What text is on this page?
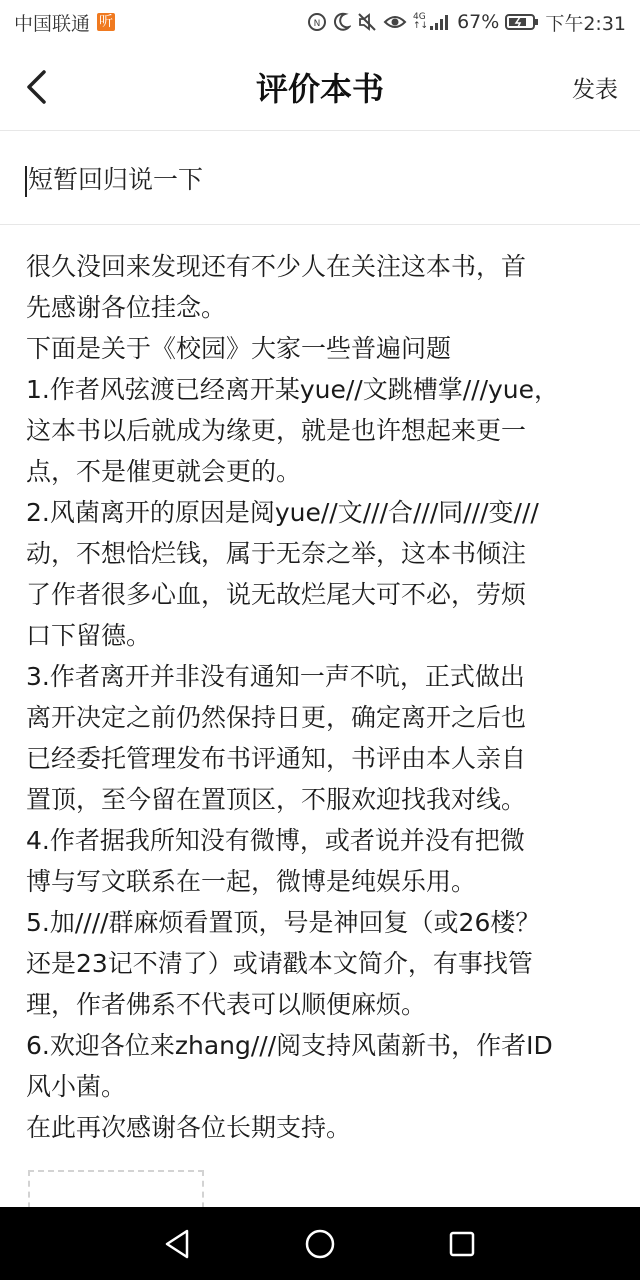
中国联通 听	N
4G
↑↓ 67% 下午2:31
评价本书	发表
短暂回归说一下
很久没回来发现还有不少人在关注这本书，首
先感谢各位挂念。
下面是关于《校园》大家一些普遍问题
1.作者风弦渡已经离开某yue//文跳槽掌///yue，
这本书以后就成为缘更，就是也许想起来更一
点，不是催更就会更的。
2.风菌离开的原因是阅yue//文///合///同///变///
动，不想恰烂钱，属于无奈之举，这本书倾注
了作者很多心血，说无故烂尾大可不必，劳烦
口下留德。
3.作者离开并非没有通知一声不吭，正式做出
离开决定之前仍然保持日更，确定离开之后也
已经委托管理发布书评通知，书评由本人亲自
置顶，至今留在置顶区，不服欢迎找我对线。
4.作者据我所知没有微博，或者说并没有把微
博与写文联系在一起，微博是纯娱乐用。
5.加////群麻烦看置顶，号是神回复（或26楼？
还是23记不清了）或请戳本文简介，有事找管
理，作者佛系不代表可以顺便麻烦。
6.欢迎各位来zhang///阅支持风菌新书，作者ID
风小菌。
在此再次感谢各位长期支持。
